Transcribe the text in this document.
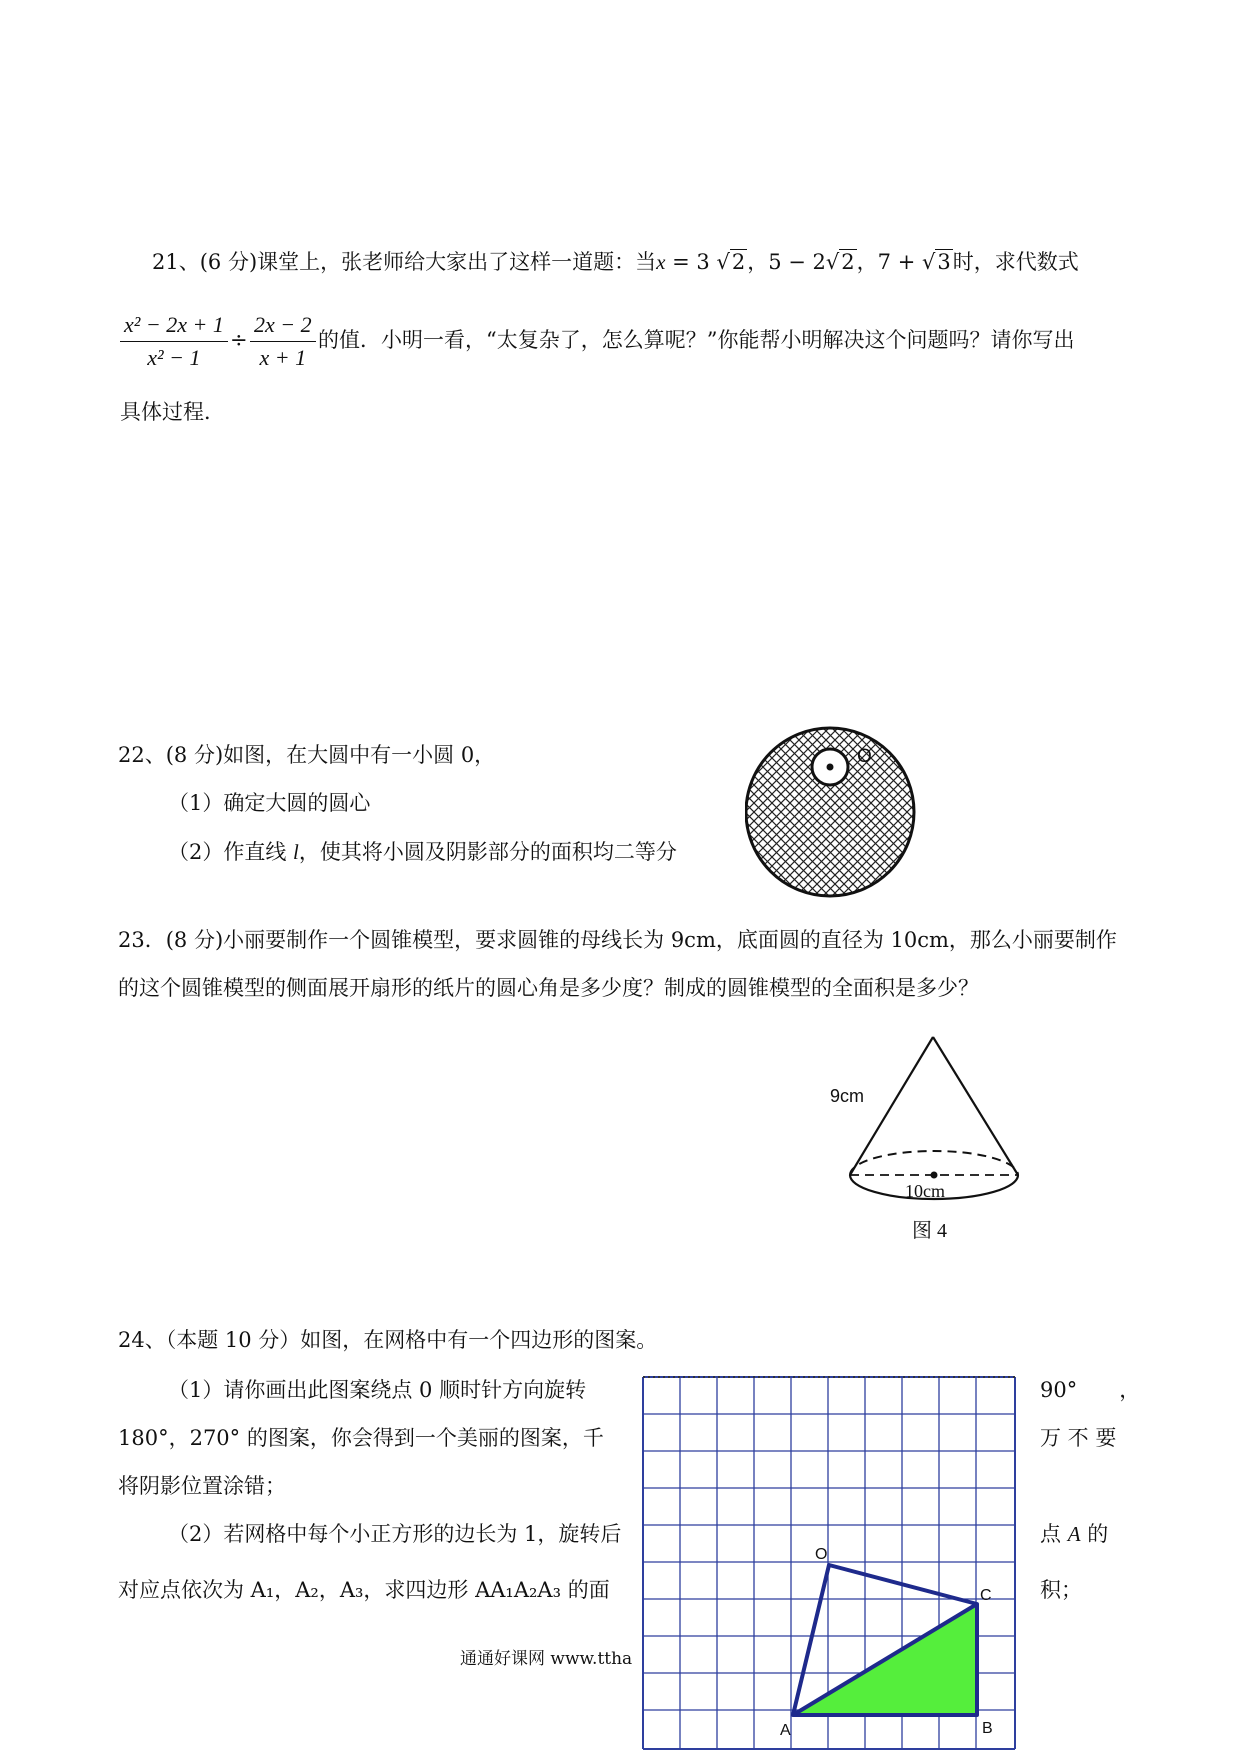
21、(6 分)课堂上，张老师给大家出了这样一道题：当x = 3 √2，5 − 2√2，7 + √3时，求代数式
$\frac{\text{x² − 2x + 1}}{\text{x² − 1}} \div \frac{2x - 2}{x + 1}$ 的值．小明一看，“太复杂了，怎么算呢？”你能帮小明解决这个问题吗？请你写出
具体过程．
22、(8 分)如图，在大圆中有一小圆 0，
（1）确定大圆的圆心
（2）作直线 l，使其将小圆及阴影部分的面积均二等分
O
23．(8 分)小丽要制作一个圆锥模型，要求圆锥的母线长为 9cm，底面圆的直径为 10cm，那么小丽要制作
的这个圆锥模型的侧面展开扇形的纸片的圆心角是多少度？制成的圆锥模型的全面积是多少？
9cm
10cm
图 4
24、（本题 10 分）如图，在网格中有一个四边形的图案。
（1）请你画出此图案绕点 0 顺时针方向旋转	90°　　，
180°，270° 的图案，你会得到一个美丽的图案，千	万 不 要
将阴影位置涂错；
（2）若网格中每个小正方形的边长为 1，旋转后	点 A 的
对应点依次为 A₁，A₂，A₃，求四边形 AA₁A₂A₃ 的面	积；
通通好课网 www.ttha
O
C
A	B
